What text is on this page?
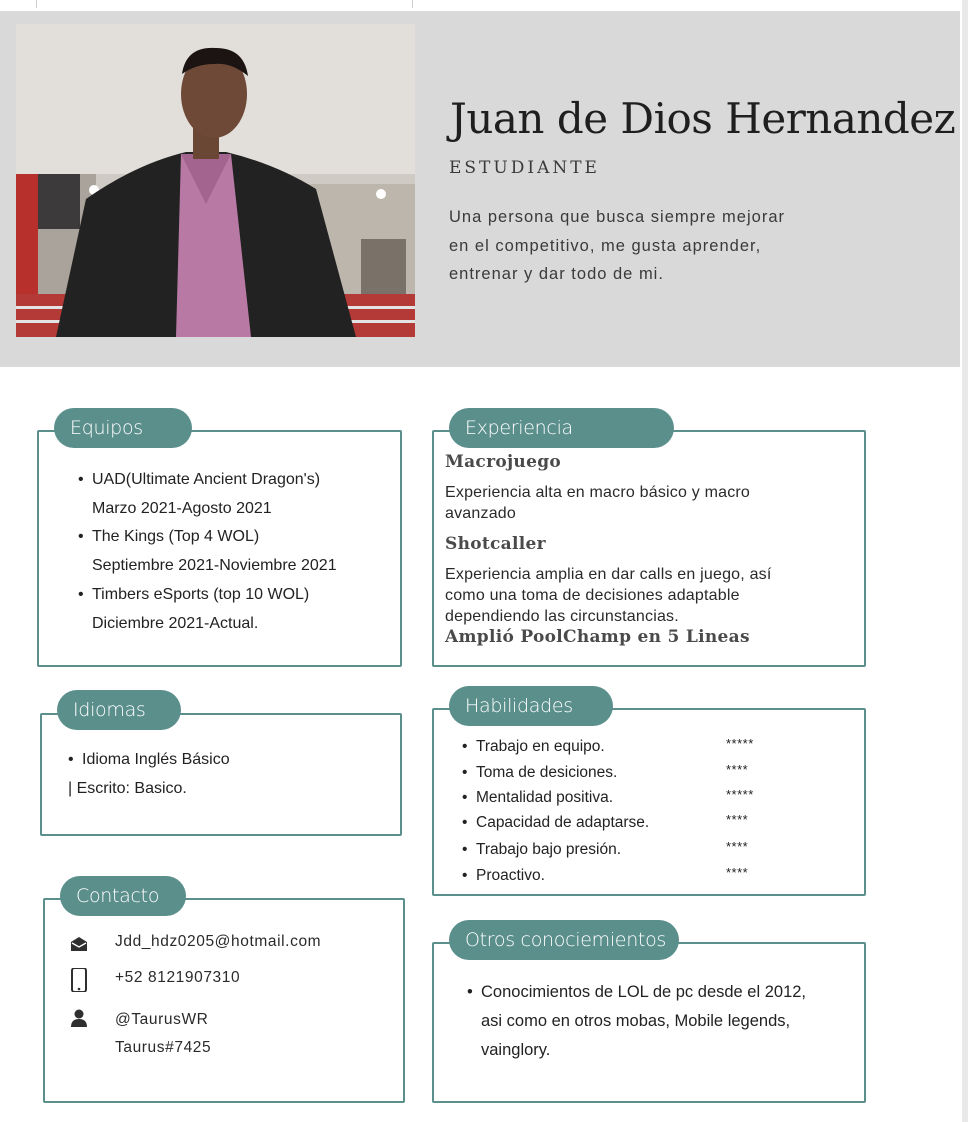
Juan de Dios Hernandez
ESTUDIANTE
Una persona que busca siempre mejorar
en el competitivo, me gusta aprender,
entrenar y dar todo de mi.
Equipos
• UAD(Ultimate Ancient Dragon's)
Marzo 2021-Agosto 2021
• The Kings (Top 4 WOL)
Septiembre 2021-Noviembre 2021
• Timbers eSports (top 10 WOL)
Diciembre 2021-Actual.
Experiencia
Macrojuego
Experiencia alta en macro básico y macro
avanzado
Shotcaller
Experiencia amplia en dar calls en juego, así
como una toma de decisiones adaptable
dependiendo las circunstancias.
Amplió PoolChamp en 5 Lineas
Idiomas
• Idioma Inglés Básico
| Escrito: Basico.
Habilidades
• Trabajo en equipo.	*****
• Toma de desiciones.	****
• Mentalidad positiva.	*****
• Capacidad de adaptarse.	****
• Trabajo bajo presión.	****
• Proactivo.	****
Contacto
Jdd_hdz0205@hotmail.com
+52 8121907310
@TaurusWR
Taurus#7425
Otros conociemientos
• Conocimientos de LOL de pc desde el 2012,
asi como en otros mobas, Mobile legends,
vainglory.
